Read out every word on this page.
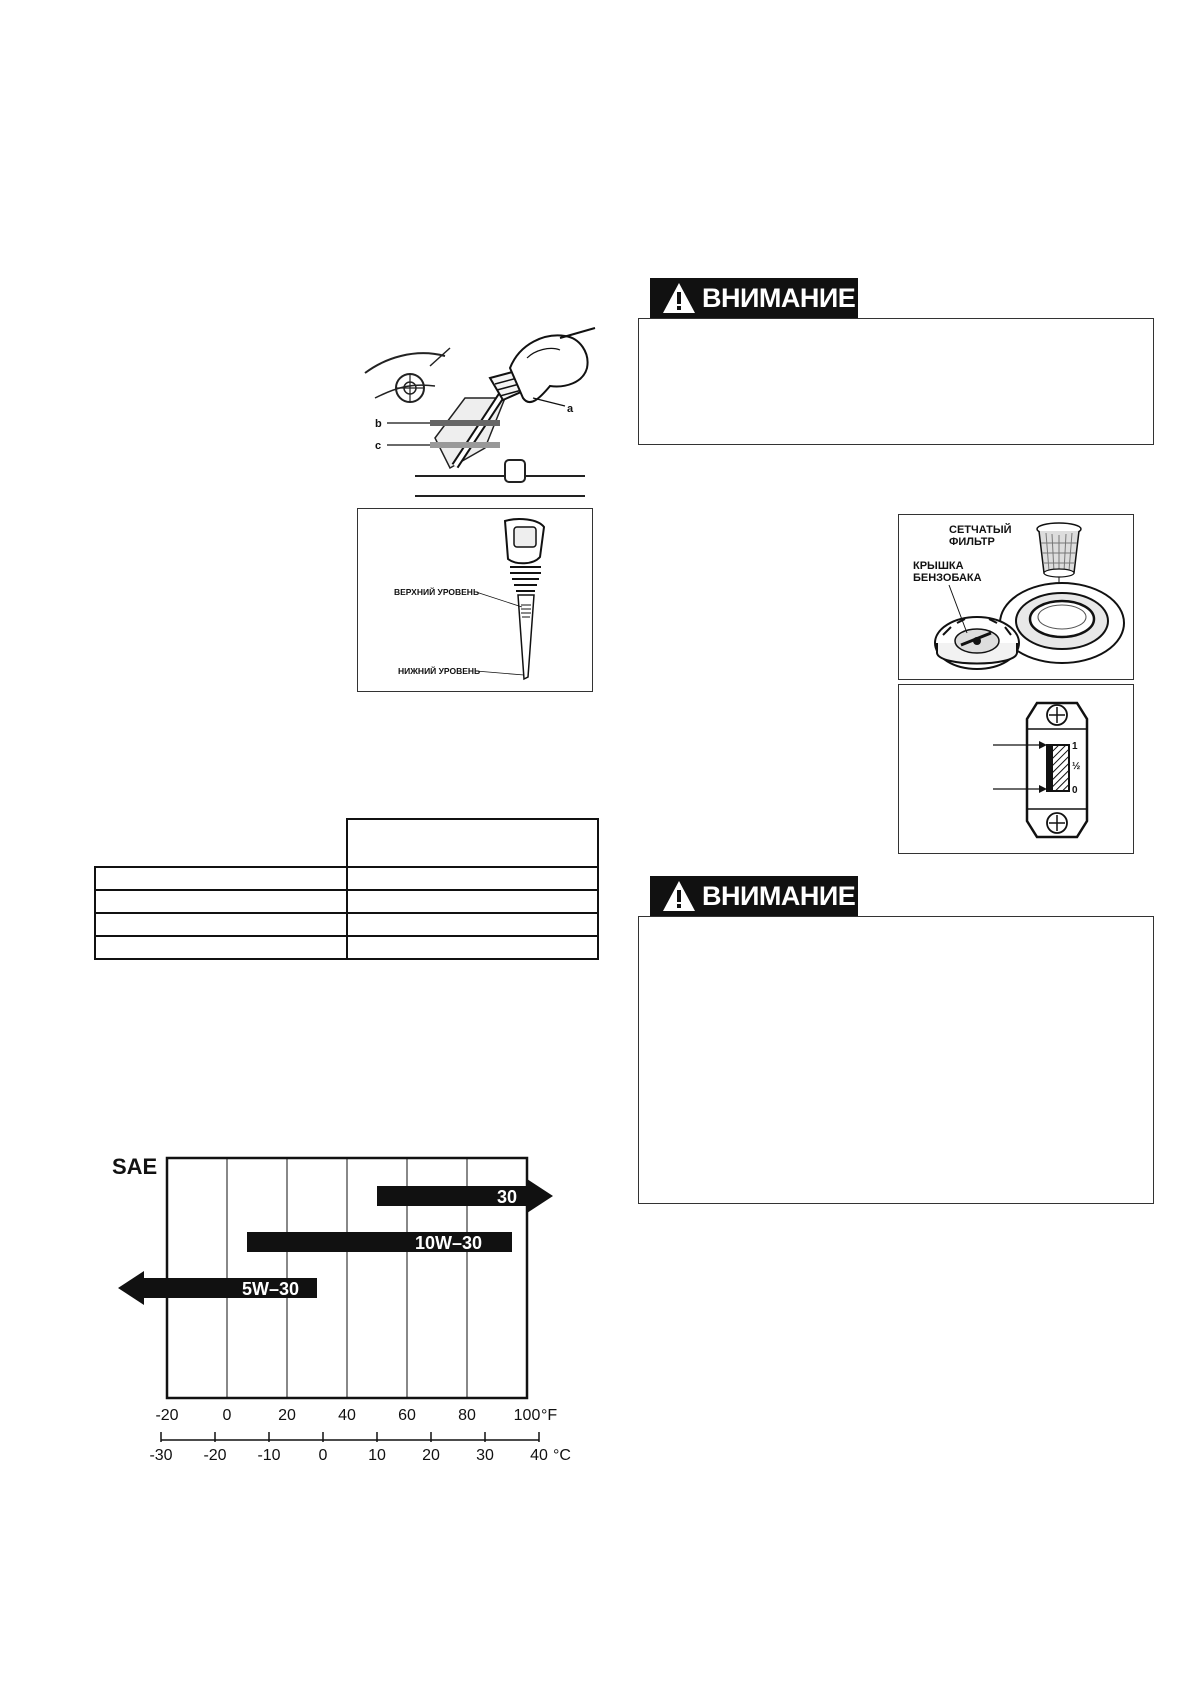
ВНИМАНИЕ
ВНИМАНИЕ
a
b
c
ВЕРХНИЙ УРОВЕНЬ
НИЖНИЙ УРОВЕНЬ
SAE
30
10W–30
5W–30
-20	0	20	40	60	80 100 °F
-30 -20 -10 0	10 20 30 40 °C
СЕТЧАТЫЙ
ФИЛЬТР
КРЫШКА
БЕНЗОБАКА
1
½
0
